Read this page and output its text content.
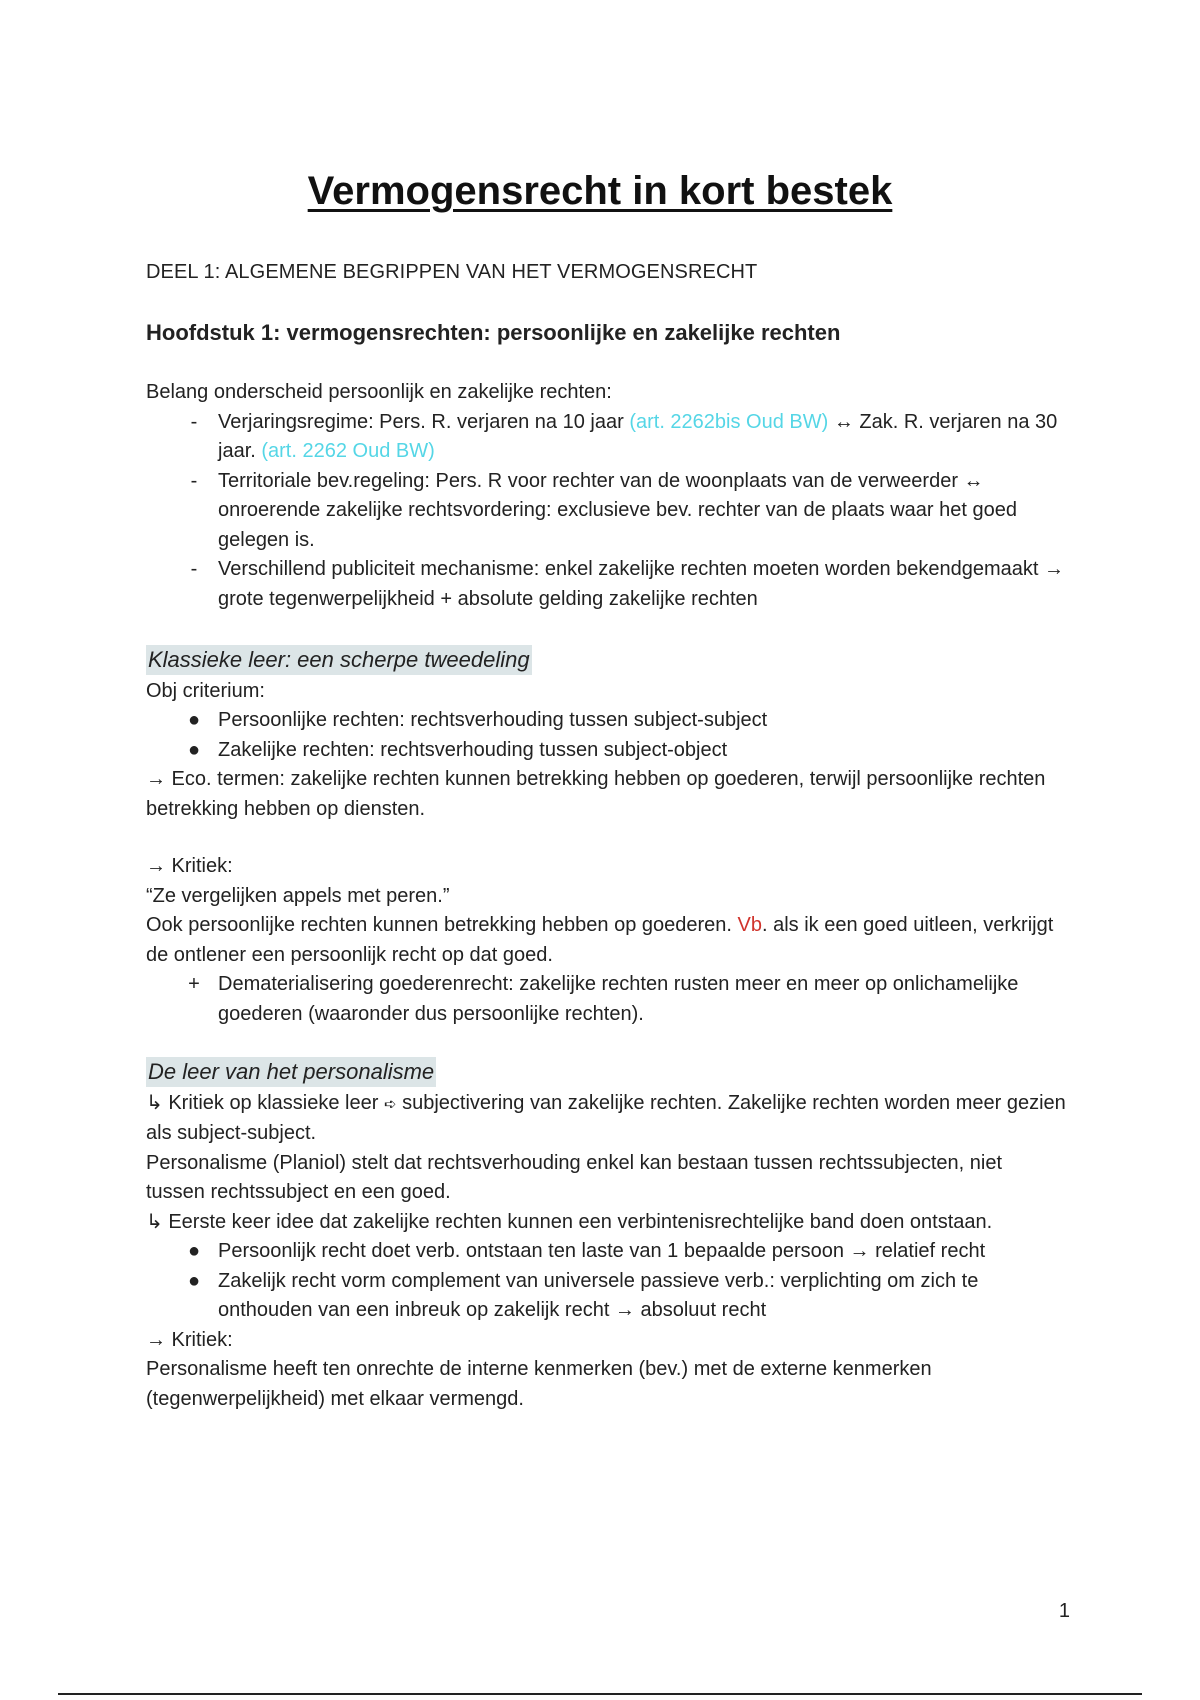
Vermogensrecht in kort bestek
DEEL 1: ALGEMENE BEGRIPPEN VAN HET VERMOGENSRECHT
Hoofdstuk 1: vermogensrechten: persoonlijke en zakelijke rechten

Belang onderscheid persoonlijk en zakelijke rechten:

-	Verjaringsregime: Pers. R. verjaren na 10 jaar (art. 2262bis Oud BW) ↔ Zak. R. verjaren na 30 jaar. (art. 2262 Oud BW)
-	Territoriale bev.regeling: Pers. R voor rechter van de woonplaats van de verweerder ↔ onroerende zakelijke rechtsvordering: exclusieve bev. rechter van de plaats waar het goed gelegen is.
-	Verschillend publiciteit mechanisme: enkel zakelijke rechten moeten worden bekendgemaakt → grote tegenwerpelijkheid + absolute gelding zakelijke rechten

Klassieke leer: een scherpe tweedeling

Obj criterium:

● Persoonlijke rechten: rechtsverhouding tussen subject-subject
● Zakelijke rechten: rechtsverhouding tussen subject-object

→ Eco. termen: zakelijke rechten kunnen betrekking hebben op goederen, terwijl persoonlijke rechten betrekking hebben op diensten.

→ Kritiek:

“Ze vergelijken appels met peren.”

Ook persoonlijke rechten kunnen betrekking hebben op goederen. Vb. als ik een goed uitleen, verkrijgt de ontlener een persoonlijk recht op dat goed.

+ Dematerialisering goederenrecht: zakelijke rechten rusten meer en meer op onlichamelijke goederen (waaronder dus persoonlijke rechten).

De leer van het personalisme

↳ Kritiek op klassieke leer ➪ subjectivering van zakelijke rechten. Zakelijke rechten worden meer gezien als subject-subject.

Personalisme (Planiol) stelt dat rechtsverhouding enkel kan bestaan tussen rechtssubjecten, niet tussen rechtssubject en een goed.

↳ Eerste keer idee dat zakelijke rechten kunnen een verbintenisrechtelijke band doen ontstaan.

● Persoonlijk recht doet verb. ontstaan ten laste van 1 bepaalde persoon → relatief recht
● Zakelijk recht vorm complement van universele passieve verb.: verplichting om zich te onthouden van een inbreuk op zakelijk recht → absoluut recht

→ Kritiek:

Personalisme heeft ten onrechte de interne kenmerken (bev.) met de externe kenmerken (tegenwerpelijkheid) met elkaar vermengd.

1
